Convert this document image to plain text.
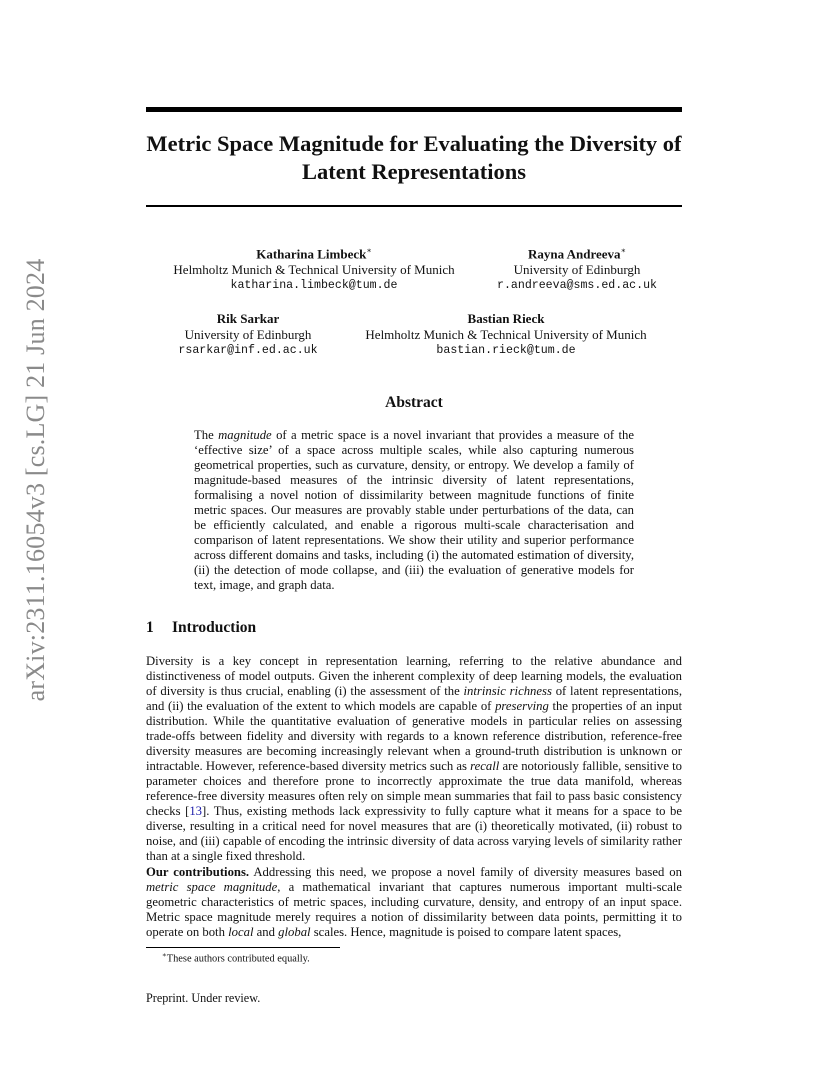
arXiv:2311.16054v3 [cs.LG] 21 Jun 2024
Metric Space Magnitude for Evaluating the Diversity of Latent Representations
Katharina Limbeck∗
Helmholtz Munich & Technical University of Munich
katharina.limbeck@tum.de
Rayna Andreeva∗
University of Edinburgh
r.andreeva@sms.ed.ac.uk
Rik Sarkar
University of Edinburgh
rsarkar@inf.ed.ac.uk
Bastian Rieck
Helmholtz Munich & Technical University of Munich
bastian.rieck@tum.de
Abstract
The magnitude of a metric space is a novel invariant that provides a measure of the ‘effective size’ of a space across multiple scales, while also capturing numerous geometrical properties, such as curvature, density, or entropy. We develop a family of magnitude-based measures of the intrinsic diversity of latent representations, formalising a novel notion of dissimilarity between magnitude functions of finite metric spaces. Our measures are provably stable under perturbations of the data, can be efficiently calculated, and enable a rigorous multi-scale characterisation and comparison of latent representations. We show their utility and superior performance across different domains and tasks, including (i) the automated estimation of diversity, (ii) the detection of mode collapse, and (iii) the evaluation of generative models for text, image, and graph data.
1 Introduction
Diversity is a key concept in representation learning, referring to the relative abundance and distinctiveness of model outputs. Given the inherent complexity of deep learning models, the evaluation of diversity is thus crucial, enabling (i) the assessment of the intrinsic richness of latent representations, and (ii) the evaluation of the extent to which models are capable of preserving the properties of an input distribution. While the quantitative evaluation of generative models in particular relies on assessing trade-offs between fidelity and diversity with regards to a known reference distribution, reference-free diversity measures are becoming increasingly relevant when a ground-truth distribution is unknown or intractable. However, reference-based diversity metrics such as recall are notoriously fallible, sensitive to parameter choices and therefore prone to incorrectly approximate the true data manifold, whereas reference-free diversity measures often rely on simple mean summaries that fail to pass basic consistency checks [13]. Thus, existing methods lack expressivity to fully capture what it means for a space to be diverse, resulting in a critical need for novel measures that are (i) theoretically motivated, (ii) robust to noise, and (iii) capable of encoding the intrinsic diversity of data across varying levels of similarity rather than at a single fixed threshold.
Our contributions. Addressing this need, we propose a novel family of diversity measures based on metric space magnitude, a mathematical invariant that captures numerous important multi-scale geometric characteristics of metric spaces, including curvature, density, and entropy of an input space. Metric space magnitude merely requires a notion of dissimilarity between data points, permitting it to operate on both local and global scales. Hence, magnitude is poised to compare latent spaces,
∗These authors contributed equally.
Preprint. Under review.
